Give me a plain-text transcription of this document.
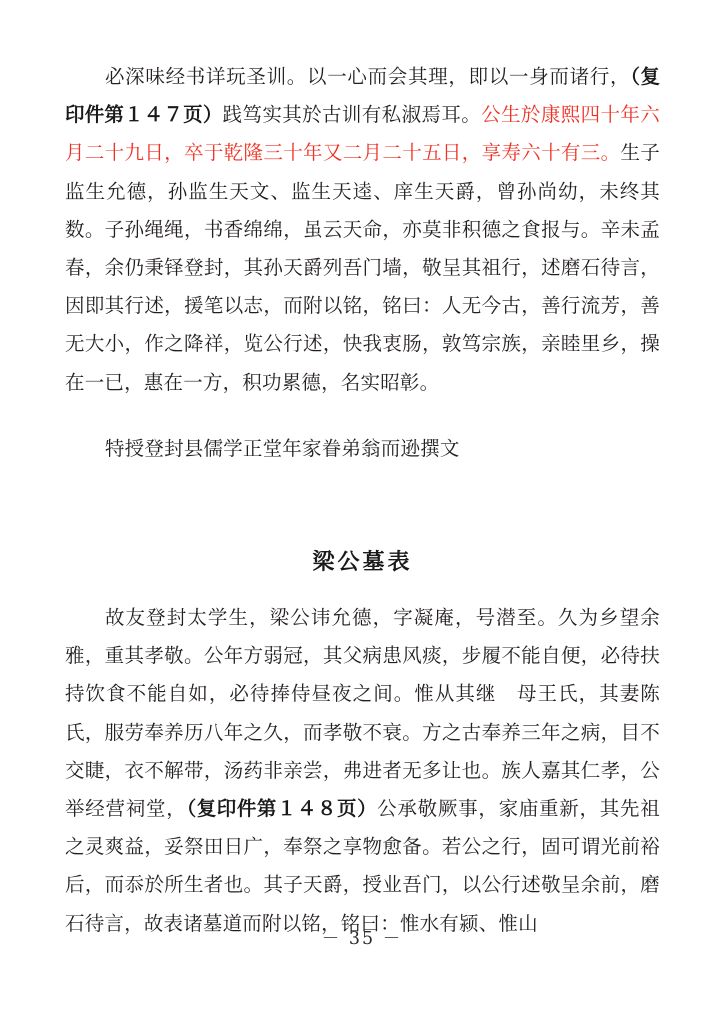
必深味经书详玩圣训。以一心而会其理，即以一身而诸行，（复印件第１４７页）践笃实其於古训有私淑焉耳。公生於康熙四十年六月二十九日，卒于乾隆三十年又二月二十五日，享寿六十有三。生子监生允德，孙监生天文、监生天逵、庠生天爵，曾孙尚幼，未终其数。子孙绳绳，书香绵绵，虽云天命，亦莫非积德之食报与。辛未孟春，余仍秉铎登封，其孙天爵列吾门墙，敬呈其祖行，述磨石待言，因即其行述，援笔以志，而附以铭，铭曰：人无今古，善行流芳，善无大小，作之降祥，览公行述，快我衷肠，敦笃宗族，亲睦里乡，操在一已，惠在一方，积功累德，名实昭彰。

特授登封县儒学正堂年家眷弟翁而逊撰文

梁公墓表

故友登封太学生，梁公讳允德，字凝庵，号潜至。久为乡望余雅，重其孝敬。公年方弱冠，其父病患风痰，步履不能自便，必待扶持饮食不能自如，必待捧侍昼夜之间。惟从其继　母王氏，其妻陈氏，服劳奉养历八年之久，而孝敬不衰。方之古奉养三年之病，目不交睫，衣不解带，汤药非亲尝，弗进者无多让也。族人嘉其仁孝，公举经营祠堂，（复印件第１４８页）公承敬厥事，家庙重新，其先祖之灵爽益，妥祭田日广，奉祭之享物愈备。若公之行，固可谓光前裕后，而忝於所生者也。其子天爵，授业吾门，以公行述敬呈余前，磨石待言，故表诸墓道而附以铭，铭曰：惟水有颍、惟山

－ 35 －
